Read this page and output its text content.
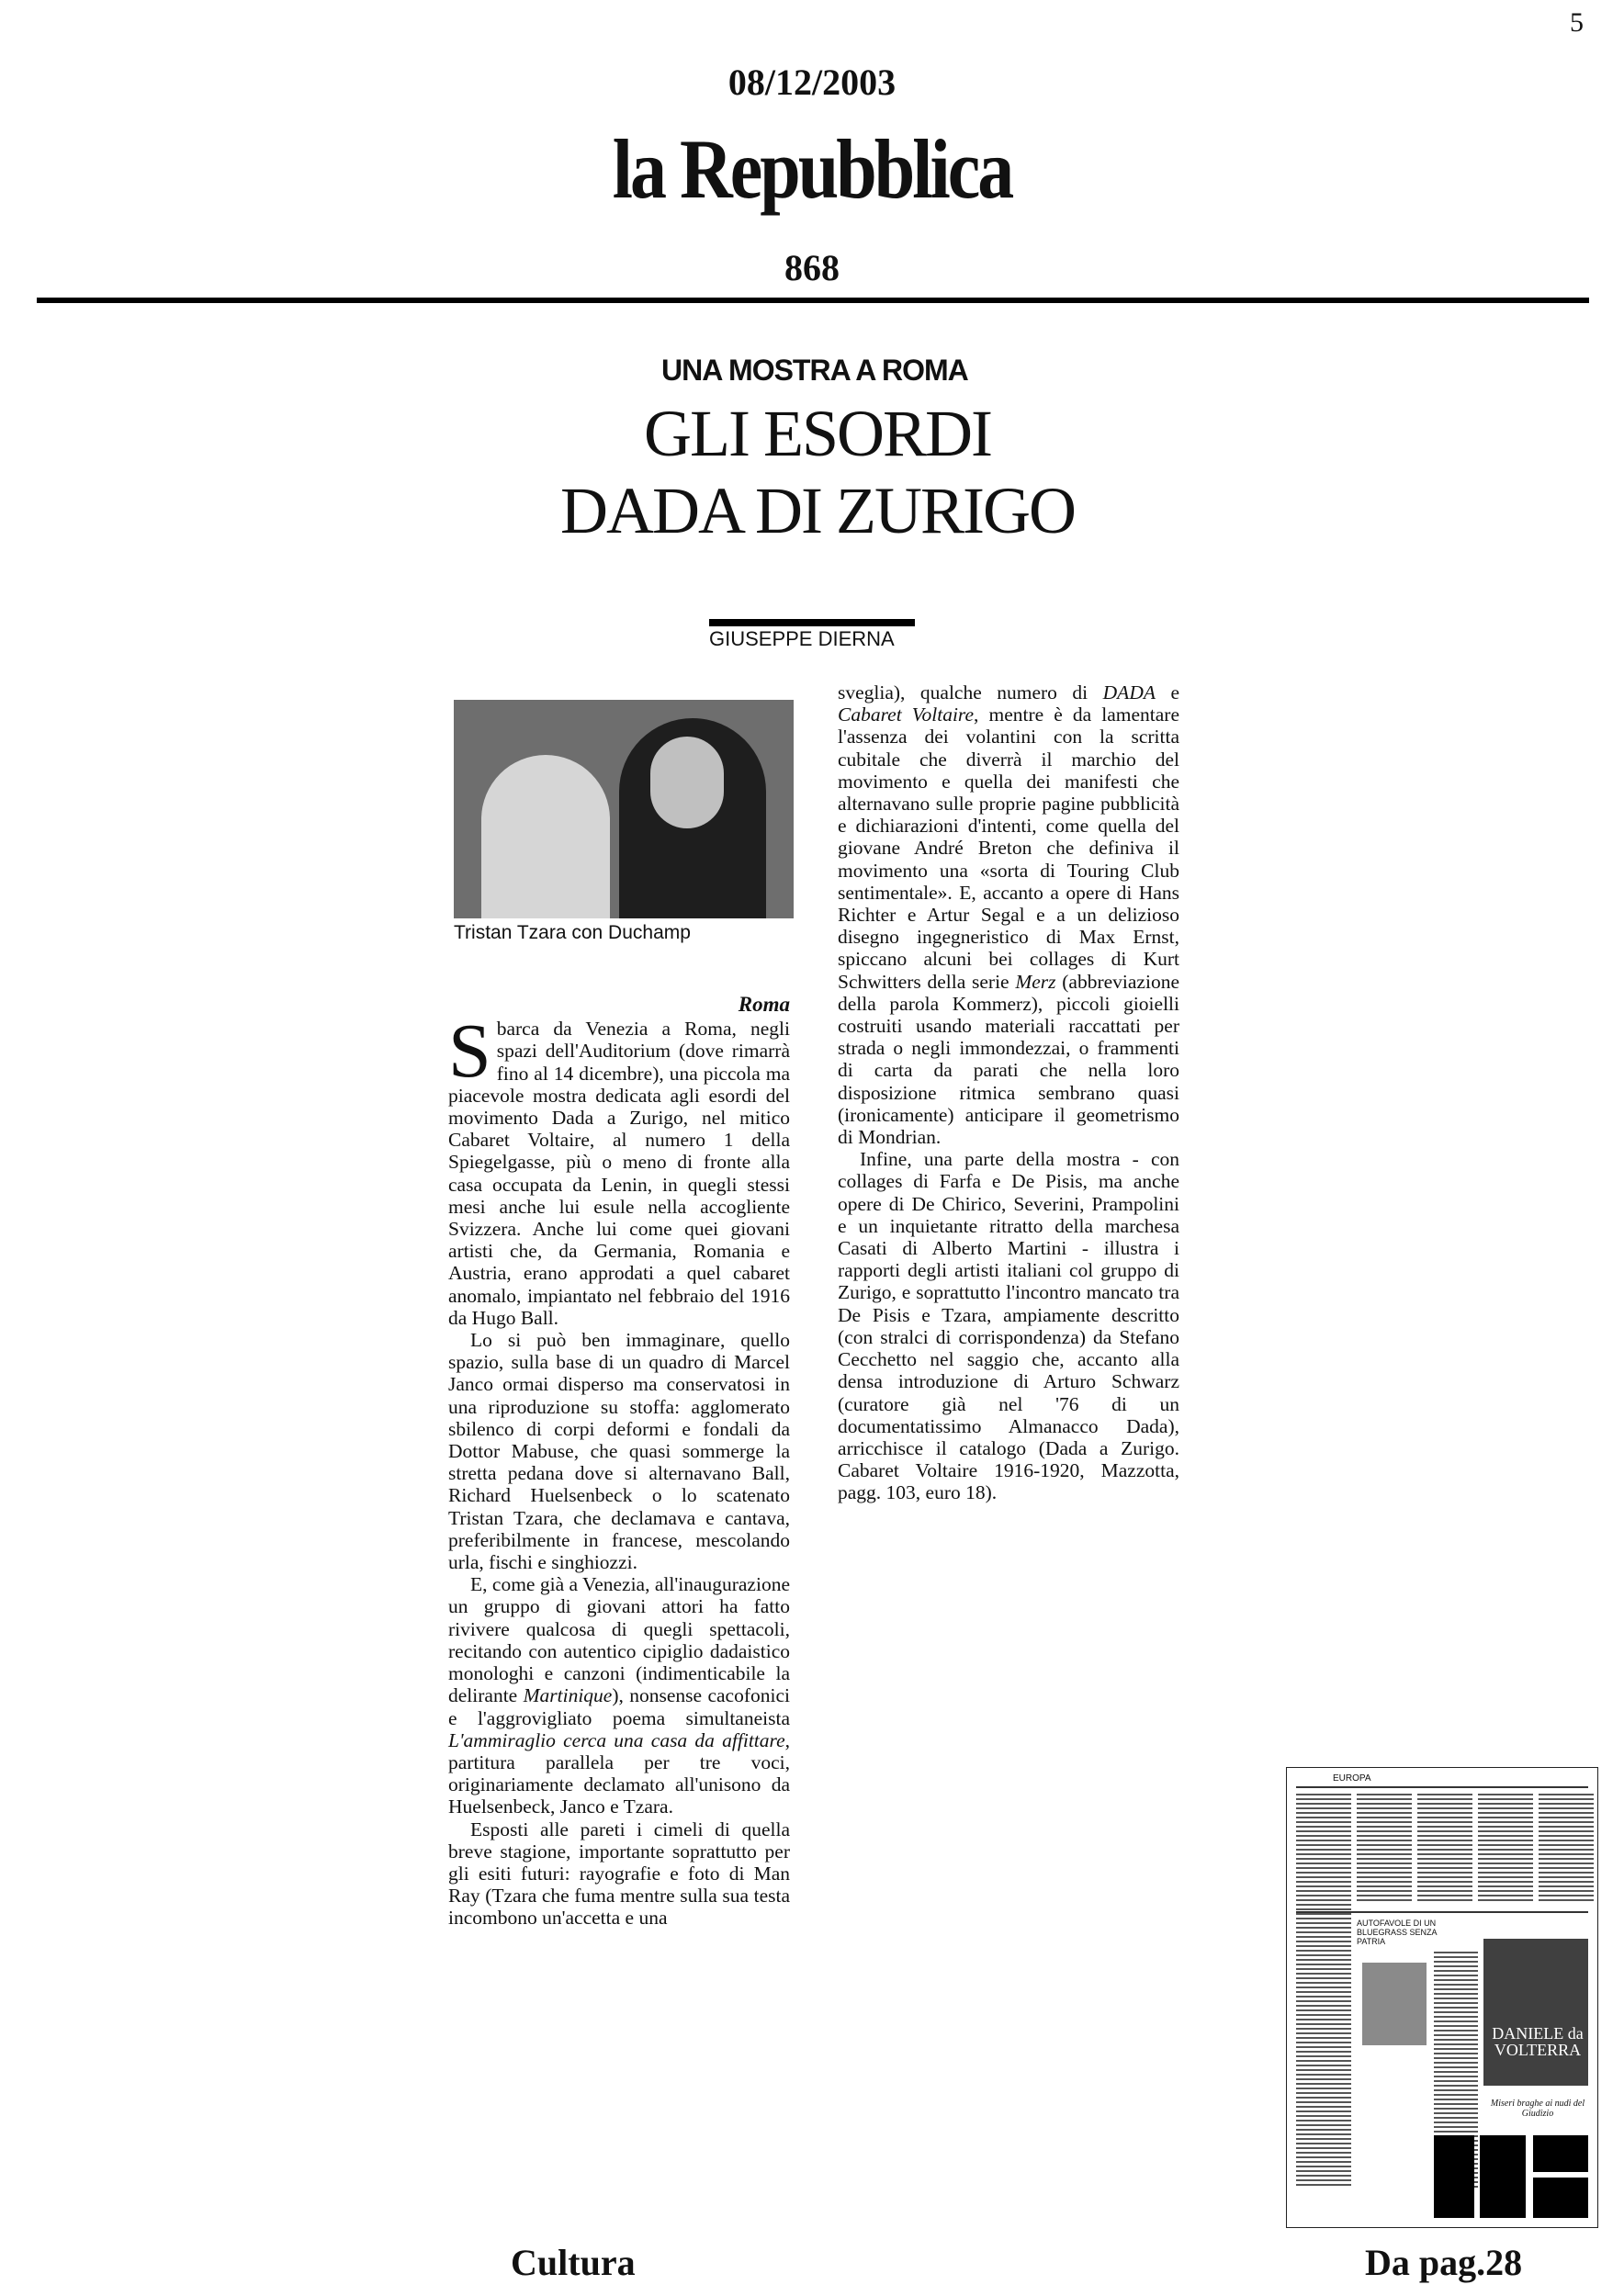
5
08/12/2003
la Repubblica
868
UNA MOSTRA A ROMA
GLI ESORDI DADA DI ZURIGO
GIUSEPPE DIERNA
Tristan Tzara con Duchamp
Roma

Sbarca da Venezia a Roma, negli spazi dell'Auditorium (dove rimarrà fino al 14 dicembre), una piccola ma piacevole mostra dedicata agli esordi del movimento Dada a Zurigo, nel mitico Cabaret Voltaire, al numero 1 della Spiegelgasse, più o meno di fronte alla casa occupata da Lenin, in quegli stessi mesi anche lui esule nella accogliente Svizzera. Anche lui come quei giovani artisti che, da Germania, Romania e Austria, erano approdati a quel cabaret anomalo, impiantato nel febbraio del 1916 da Hugo Ball.

Lo si può ben immaginare, quello spazio, sulla base di un quadro di Marcel Janco ormai disperso ma conservatosi in una riproduzione su stoffa: agglomerato sbilenco di corpi deformi e fondali da Dottor Mabuse, che quasi sommerge la stretta pedana dove si alternavano Ball, Richard Huelsenbeck o lo scatenato Tristan Tzara, che declamava e cantava, preferibilmente in francese, mescolando urla, fischi e singhiozzi.

E, come già a Venezia, all'inaugurazione un gruppo di giovani attori ha fatto rivivere qualcosa di quegli spettacoli, recitando con autentico cipiglio dadaistico monologhi e canzoni (indimenticabile la delirante Martinique), nonsense cacofonici e l'aggrovigliato poema simultaneista L'ammiraglio cerca una casa da affittare, partitura parallela per tre voci, originariamente declamato all'unisono da Huelsenbeck, Janco e Tzara.

Esposti alle pareti i cimeli di quella breve stagione, importante soprattutto per gli esiti futuri: rayografie e foto di Man Ray (Tzara che fuma mentre sulla sua testa incombono un'accetta e una

sveglia), qualche numero di DADA e Cabaret Voltaire, mentre è da lamentare l'assenza dei volantini con la scritta cubitale che diverrà il marchio del movimento e quella dei manifesti che alternavano sulle proprie pagine pubblicità e dichiarazioni d'intenti, come quella del giovane André Breton che definiva il movimento una «sorta di Touring Club sentimentale». E, accanto a opere di Hans Richter e Artur Segal e a un delizioso disegno ingegneristico di Max Ernst, spiccano alcuni bei collages di Kurt Schwitters della serie Merz (abbreviazione della parola Kommerz), piccoli gioielli costruiti usando materiali raccattati per strada o negli immondezzai, o frammenti di carta da parati che nella loro disposizione ritmica sembrano quasi (ironicamente) anticipare il geometrismo di Mondrian.

Infine, una parte della mostra - con collages di Farfa e De Pisis, ma anche opere di De Chirico, Severini, Prampolini e un inquietante ritratto della marchesa Casati di Alberto Martini - illustra i rapporti degli artisti italiani col gruppo di Zurigo, e soprattutto l'incontro mancato tra De Pisis e Tzara, ampiamente descritto (con stralci di corrispondenza) da Stefano Cecchetto nel saggio che, accanto alla densa introduzione di Arturo Schwarz (curatore già nel '76 di un documentatissimo Almanacco Dada), arricchisce il catalogo (Dada a Zurigo. Cabaret Voltaire 1916-1920, Mazzotta, pagg. 103, euro 18).

EUROPA
AUTOFAVOLE DI UN BLUEGRASS SENZA PATRIA
DANIELE da VOLTERRA
Miseri braghe ai nudi del Giudizio
Cultura	Da pag.28
